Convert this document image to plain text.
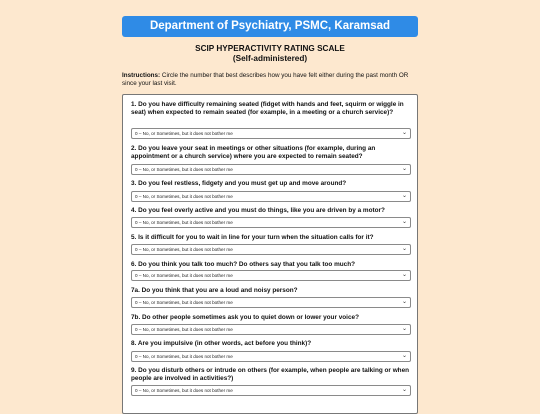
Department of Psychiatry, PSMC, Karamsad
SCIP HYPERACTIVITY RATING SCALE
(Self-administered)
Instructions: Circle the number that best describes how you have felt either during the past month OR since your last visit.
1. Do you have difficulty remaining seated (fidget with hands and feet, squirm or wiggle in seat) when expected to remain seated (for example, in a meeting or a church service)?
0 – No, or Sometimes, but it does not bother me	⌄
2. Do you leave your seat in meetings or other situations (for example, during an appointment or a church service) where you are expected to remain seated?
0 – No, or Sometimes, but it does not bother me	⌄
3. Do you feel restless, fidgety and you must get up and move around?
0 – No, or Sometimes, but it does not bother me	⌄
4. Do you feel overly active and you must do things, like you are driven by a motor?
0 – No, or Sometimes, but it does not bother me	⌄
5. Is it difficult for you to wait in line for your turn when the situation calls for it?
0 – No, or Sometimes, but it does not bother me	⌄
6. Do you think you talk too much? Do others say that you talk too much?
0 – No, or Sometimes, but it does not bother me	⌄
7a. Do you think that you are a loud and noisy person?
0 – No, or Sometimes, but it does not bother me	⌄
7b. Do other people sometimes ask you to quiet down or lower your voice?
0 – No, or Sometimes, but it does not bother me	⌄
8. Are you impulsive (in other words, act before you think)?
0 – No, or Sometimes, but it does not bother me	⌄
9. Do you disturb others or intrude on others (for example, when people are talking or when people are involved in activities?)
0 – No, or Sometimes, but it does not bother me	⌄
